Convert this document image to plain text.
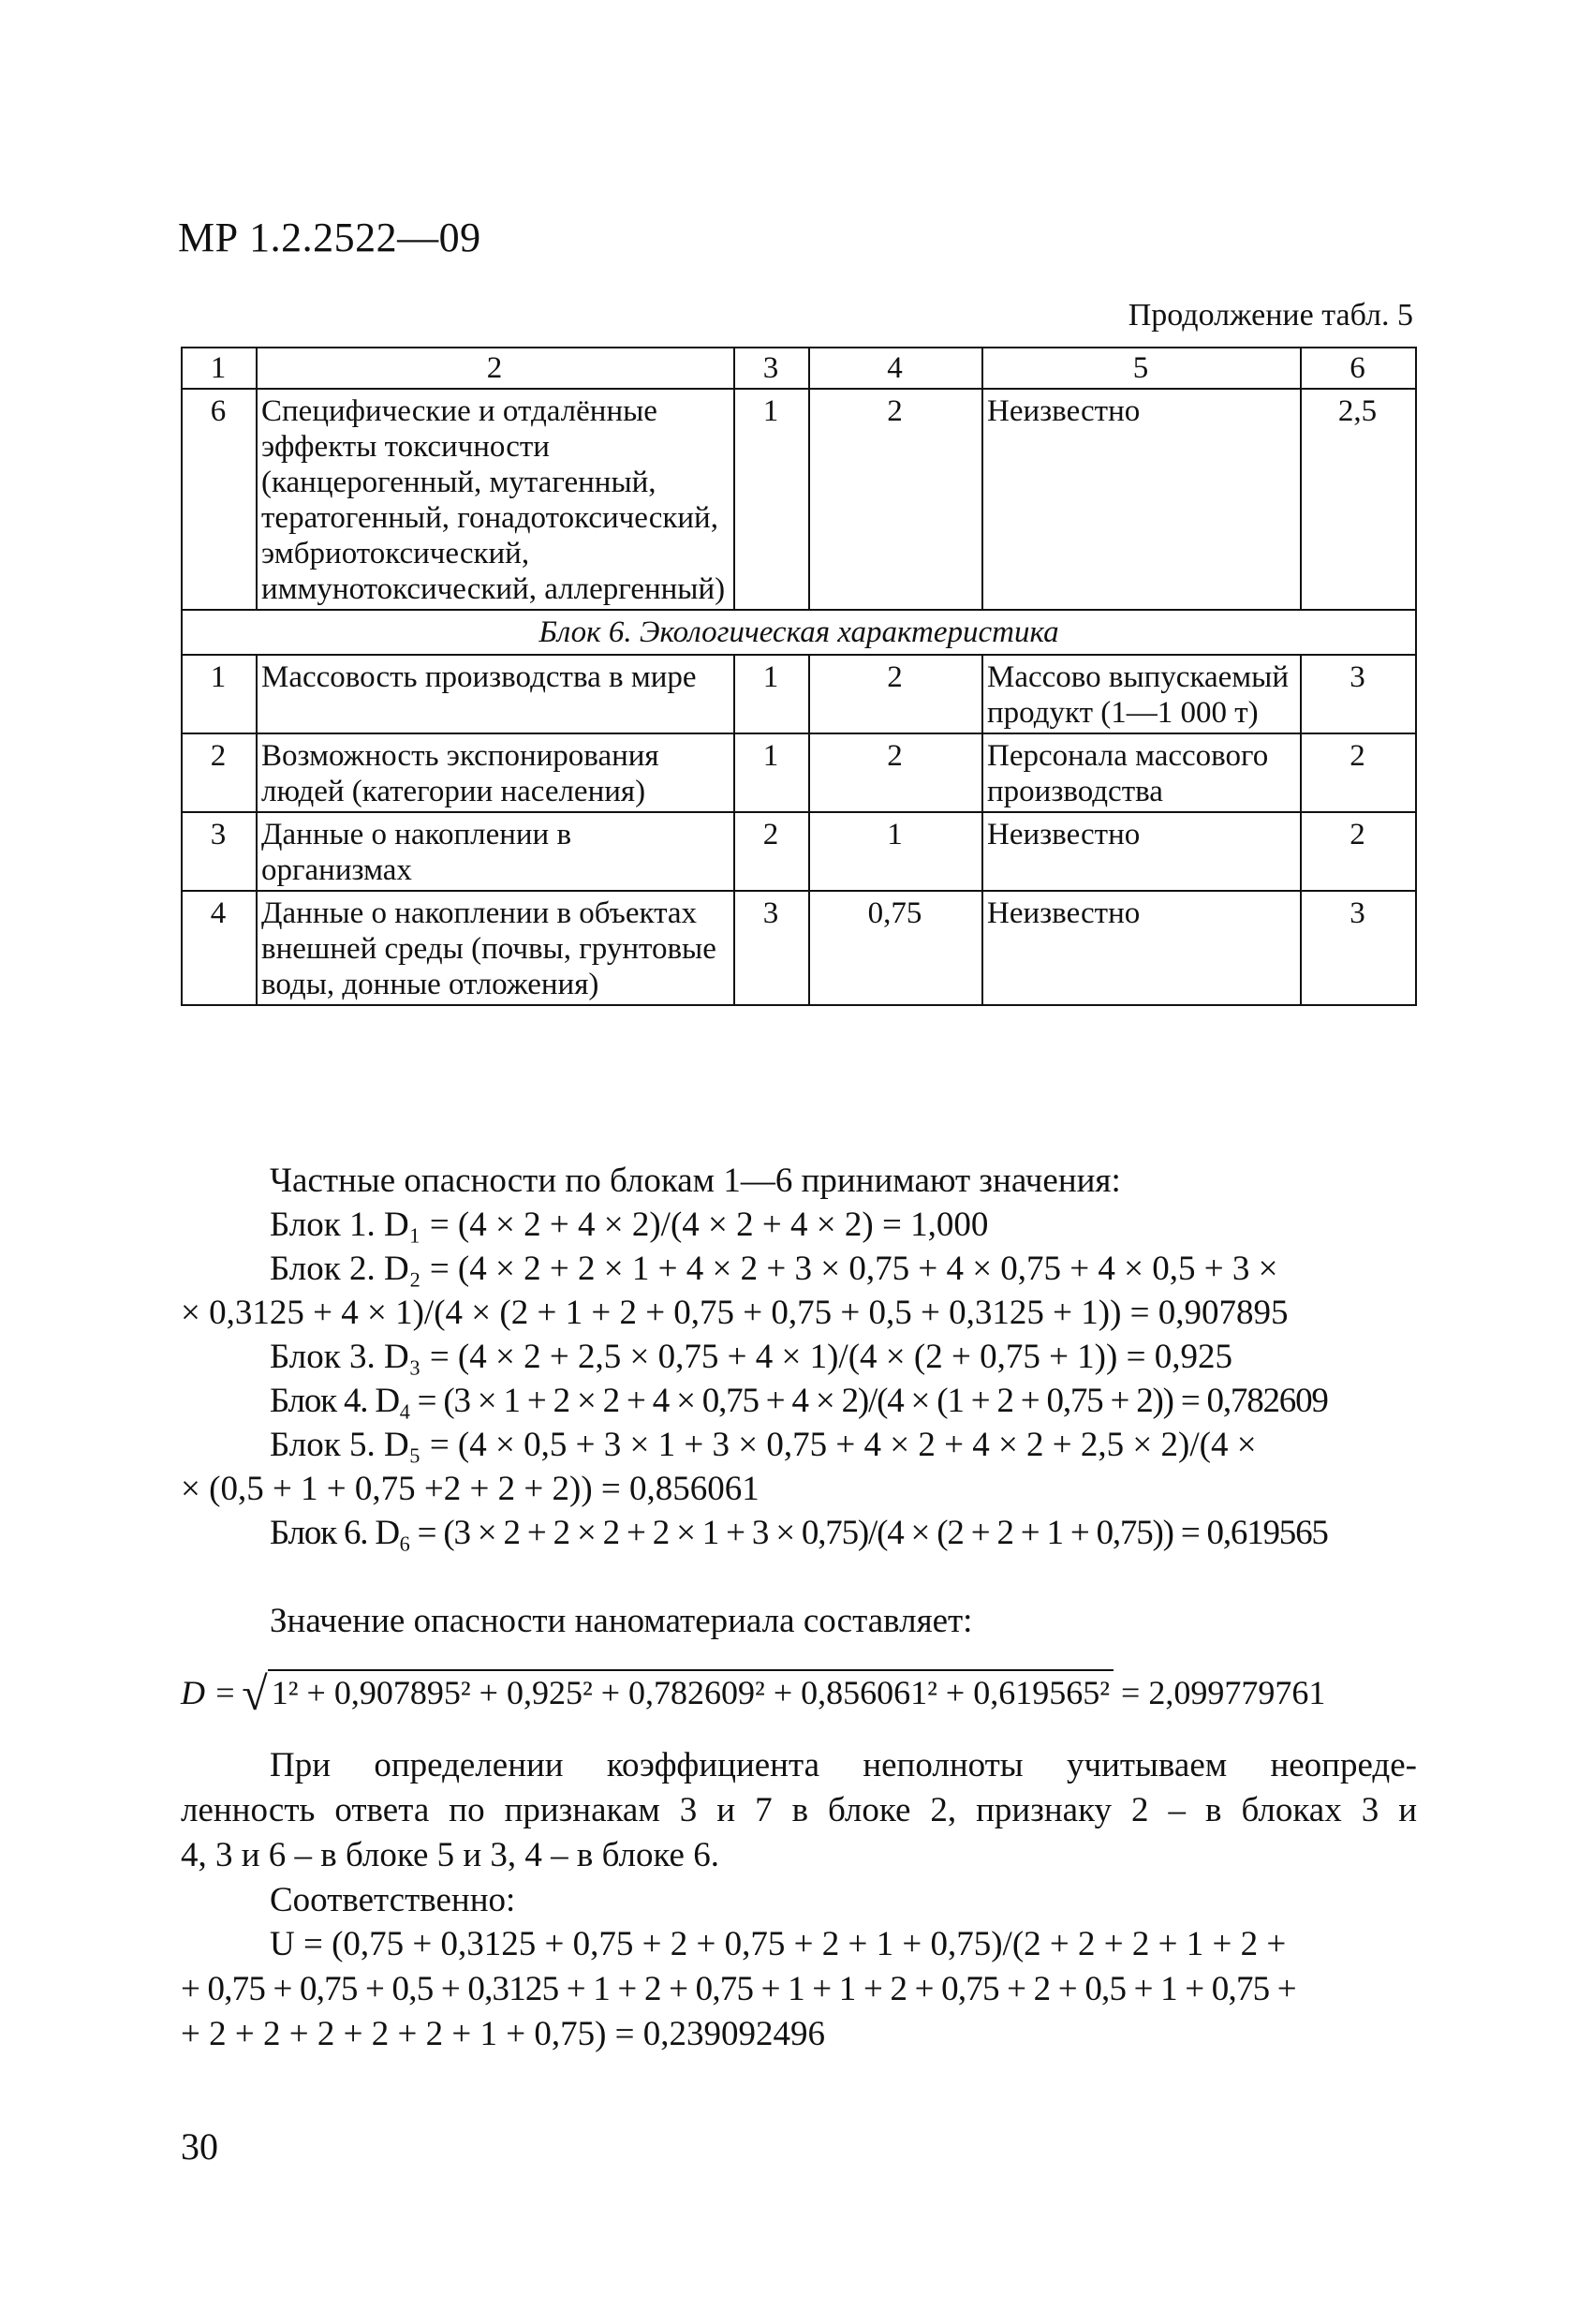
МР 1.2.2522—09
Продолжение табл. 5
1	2	3	4	5	6
6	Специфические и отдалённые эффекты токсичности (канцерогенный, мутагенный, тератогенный, гонадотоксический, эмбриотоксический, иммунотоксический, аллергенный)	1	2	Неизвестно	2,5
Блок 6. Экологическая характеристика					
1	Массовость производства в мире	1	2	Массово выпускаемый продукт (1—1 000 т)	3
2	Возможность экспонирования людей (категории населения)	1	2	Персонала массового производства	2
3	Данные о накоплении в организмах	2	1	Неизвестно	2
4	Данные о накоплении в объектах внешней среды (почвы, грунтовые воды, донные отложения)	3	0,75	Неизвестно	3
Частные опасности по блокам 1—6 принимают значения:
Блок 1. D₁ = (4 × 2 + 4 × 2)/(4 × 2 + 4 × 2) = 1,000
Блок 2. D₂ = (4 × 2 + 2 × 1 + 4 × 2 + 3 × 0,75 + 4 × 0,75 + 4 × 0,5 + 3 ×
× 0,3125 + 4 × 1)/(4 × (2 + 1 + 2 + 0,75 + 0,75 + 0,5 + 0,3125 + 1)) = 0,907895
Блок 3. D₃ = (4 × 2 + 2,5 × 0,75 + 4 × 1)/(4 × (2 + 0,75 + 1)) = 0,925
Блок 4. D₄ = (3 × 1 + 2 × 2 + 4 × 0,75 + 4 × 2)/(4 × (1 + 2 + 0,75 + 2)) = 0,782609
Блок 5. D₅ = (4 × 0,5 + 3 × 1 + 3 × 0,75 + 4 × 2 + 4 × 2 + 2,5 × 2)/(4 ×
× (0,5 + 1 + 0,75 +2 + 2 + 2)) = 0,856061
Блок 6. D₆ = (3 × 2 + 2 × 2 + 2 × 1 + 3 × 0,75)/(4 × (2 + 2 + 1 + 0,75)) = 0,619565
Значение опасности наноматериала составляет:
D = √ 1² + 0,907895² + 0,925² + 0,782609² + 0,856061² + 0,619565² = 2,099779761
При определении коэффициента неполноты учитываем неопреде-
ленность ответа по признакам 3 и 7 в блоке 2, признаку 2 – в блоках 3 и
4, 3 и 6 – в блоке 5 и 3, 4 – в блоке 6.
Соответственно:
U = (0,75 + 0,3125 + 0,75 + 2 + 0,75 + 2 + 1 + 0,75)/(2 + 2 + 2 + 1 + 2 +
+ 0,75 + 0,75 + 0,5 + 0,3125 + 1 + 2 + 0,75 + 1 + 1 + 2 + 0,75 + 2 + 0,5 + 1 + 0,75 +
+ 2 + 2 + 2 + 2 + 2 + 1 + 0,75) = 0,239092496
30
